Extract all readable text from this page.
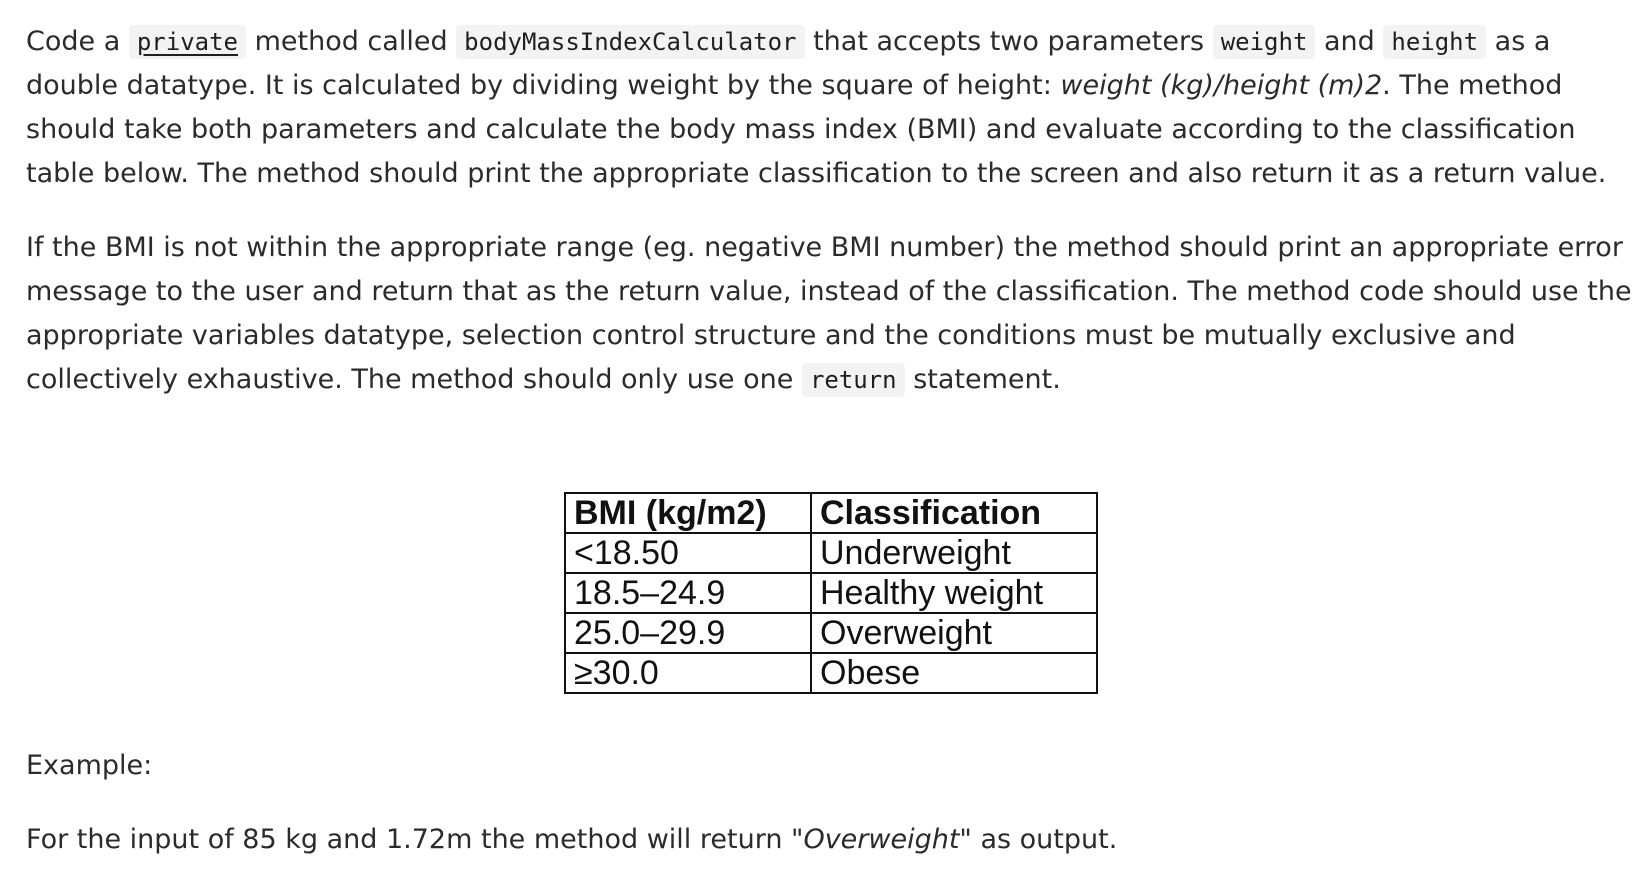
Code a private method called bodyMassIndexCalculator that accepts two parameters weight and height as a double datatype. It is calculated by dividing weight by the square of height: weight (kg)/height (m)2. The method should take both parameters and calculate the body mass index (BMI) and evaluate according to the classification table below. The method should print the appropriate classification to the screen and also return it as a return value.

If the BMI is not within the appropriate range (eg. negative BMI number) the method should print an appropriate error message to the user and return that as the return value, instead of the classification. The method code should use the appropriate variables datatype, selection control structure and the conditions must be mutually exclusive and collectively exhaustive. The method should only use one return statement.

BMI (kg/m2)	Classification
<18.50	Underweight
18.5–24.9	Healthy weight
25.0–29.9	Overweight
≥30.0	Obese

Example:

For the input of 85 kg and 1.72m the method will return "Overweight" as output.
